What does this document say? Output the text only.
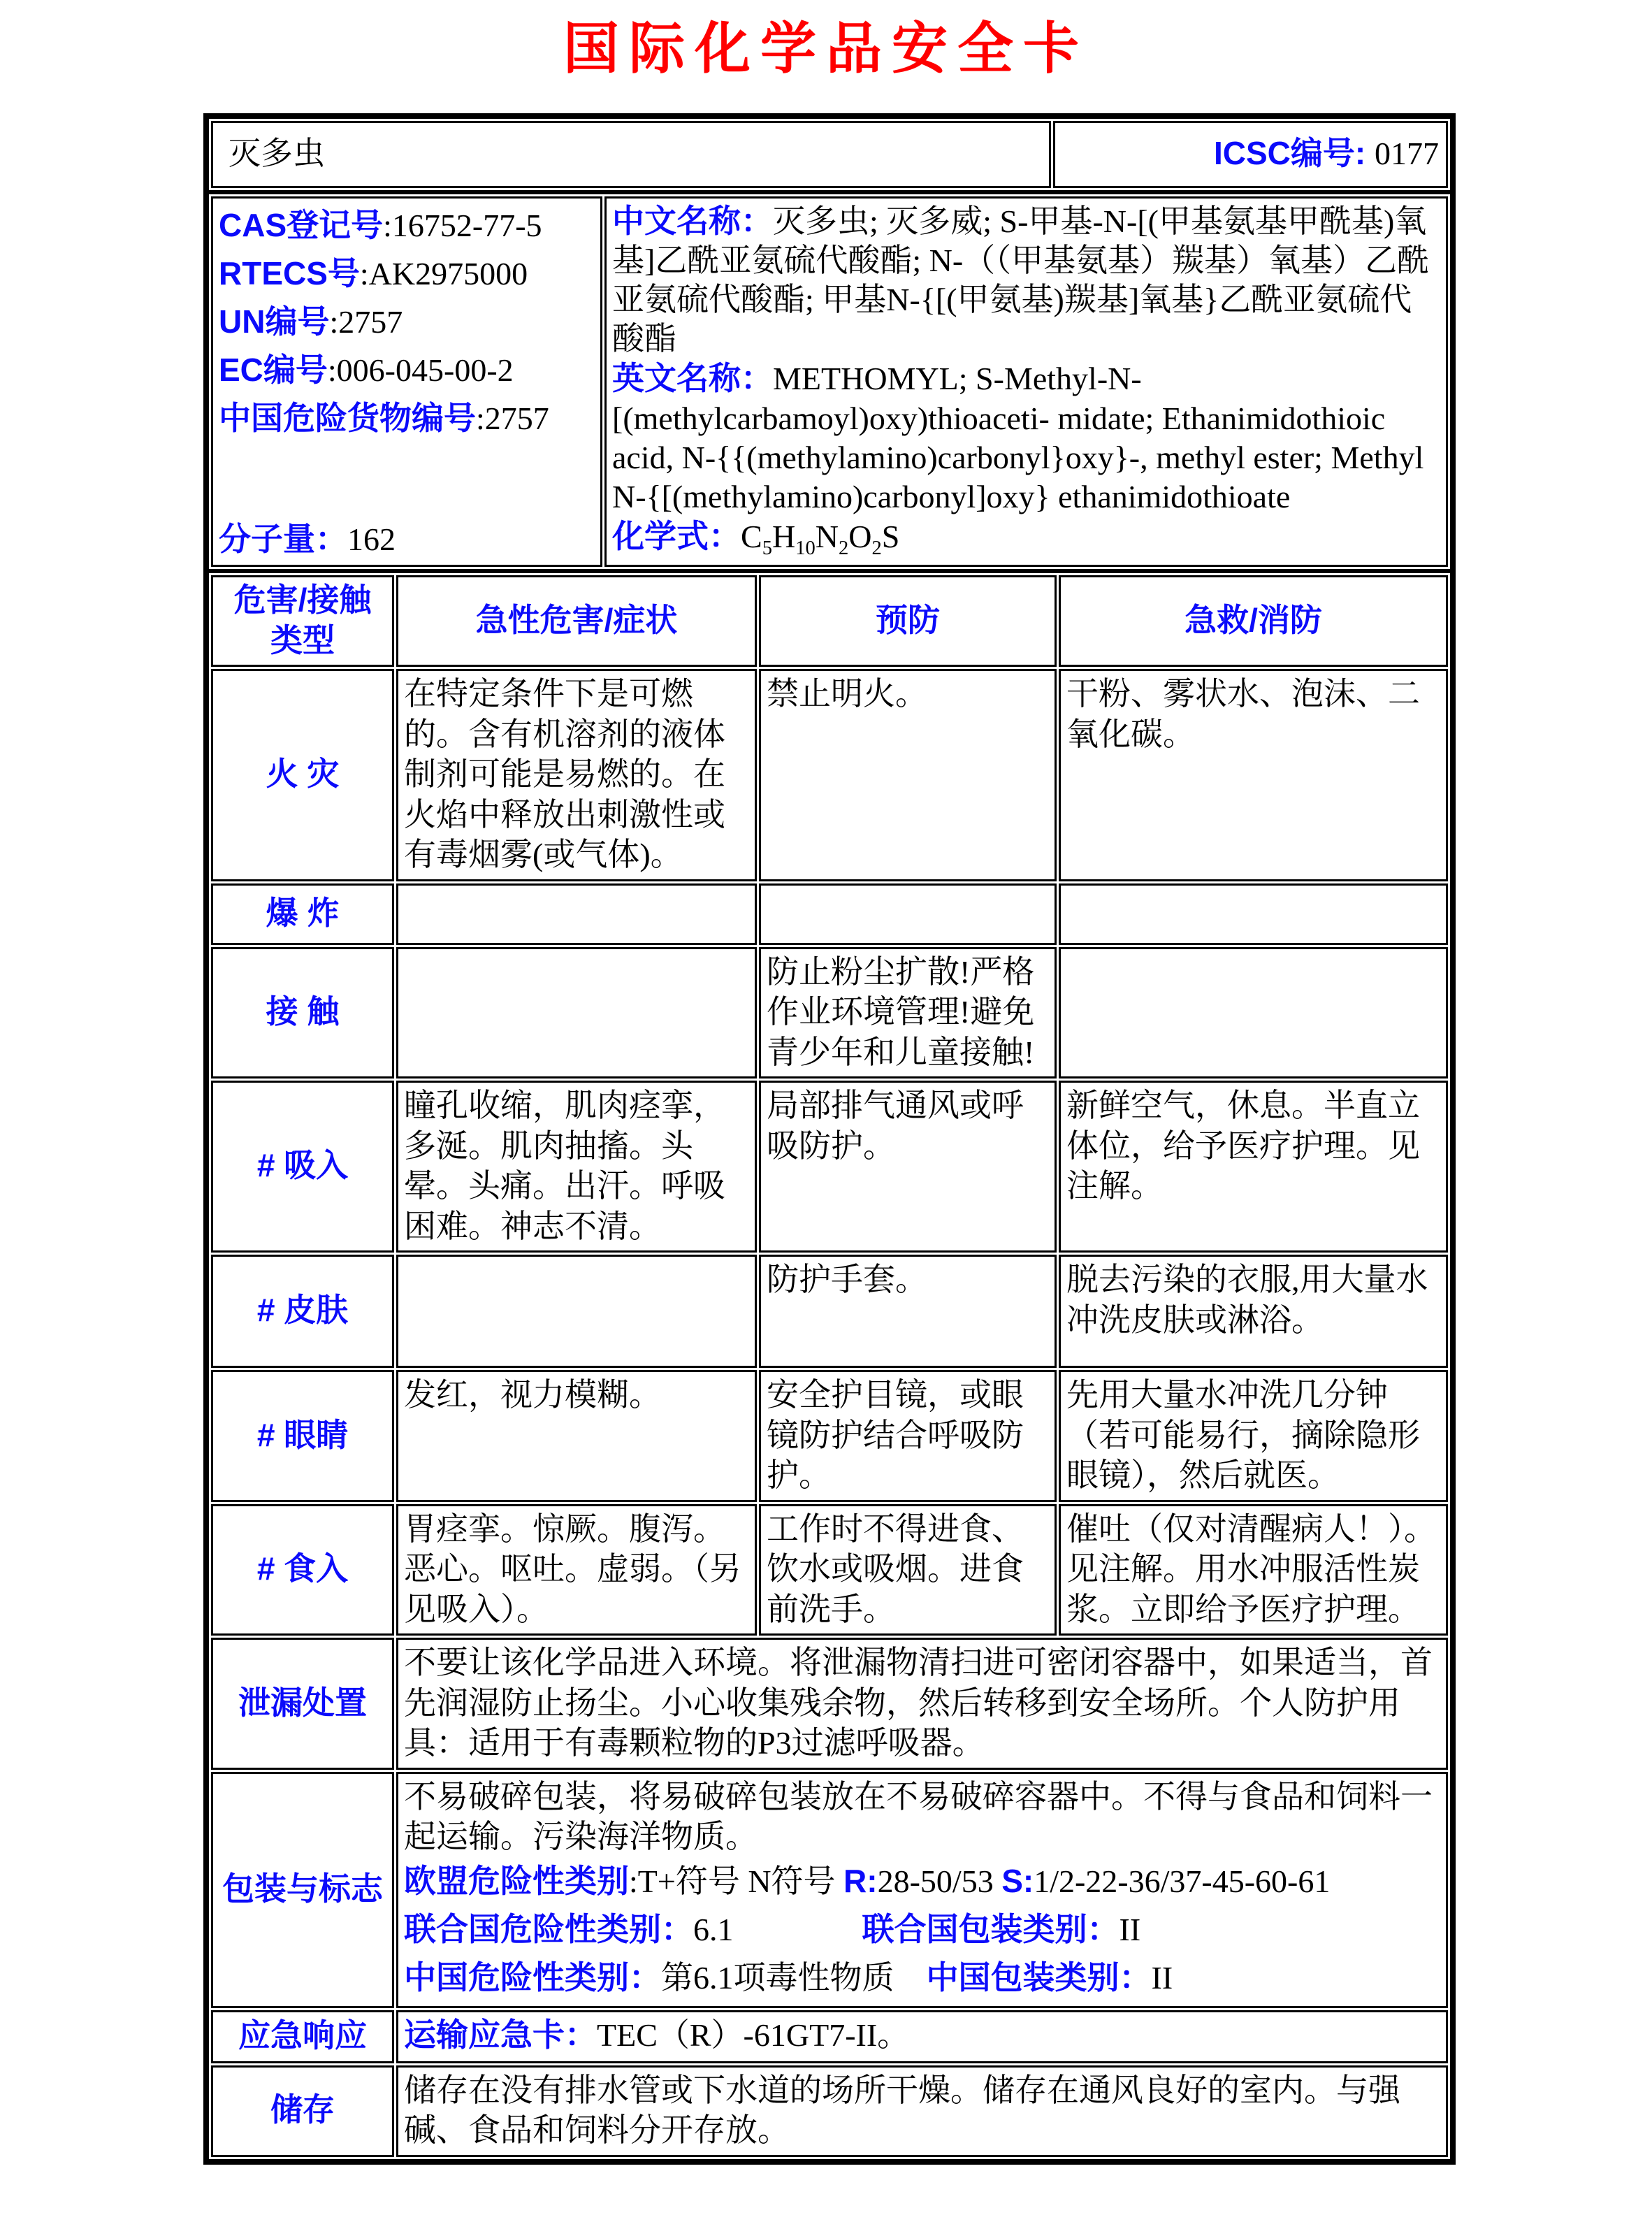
国际化学品安全卡
灭多虫	ICSC编号: 0177
CAS登记号:16752-77-5
RTECS号:AK2975000
UN编号:2757
EC编号:006-045-00-2
中国危险货物编号:2757
分子量：162

中文名称：灭多虫; 灭多威; S-甲基-N-[(甲基氨基甲酰基)氧基]乙酰亚氨硫代酸酯; N-（（甲基氨基）羰基）氧基）乙酰亚氨硫代酸酯; 甲基N-{[(甲氨基)羰基]氧基}乙酰亚氨硫代酸酯

英文名称：METHOMYL; S-Methyl-N-[(methylcarbamoyl)oxy)thioaceti- midate; Ethanimidothioic acid, N-{{(methylamino)carbonyl}oxy}-, methyl ester; Methyl N-{[(methylamino)carbonyl]oxy} ethanimidothioate

化学式：$C_5H_{10}N_2O_2S$

危害/接触类型	急性危害/症状	预防	急救/消防
火 灾	在特定条件下是可燃的。含有机溶剂的液体制剂可能是易燃的。在火焰中释放出刺激性或有毒烟雾(或气体)。	禁止明火。	干粉、雾状水、泡沫、二氧化碳。
爆 炸			
接 触		防止粉尘扩散!严格作业环境管理!避免青少年和儿童接触!	
# 吸入	瞳孔收缩，肌肉痉挛，多涎。肌肉抽搐。头晕。头痛。出汗。呼吸困难。神志不清。	局部排气通风或呼吸防护。	新鲜空气，休息。半直立体位，给予医疗护理。见注解。
# 皮肤		防护手套。	脱去污染的衣服,用大量水冲洗皮肤或淋浴。
# 眼睛	发红，视力模糊。	安全护目镜，或眼镜防护结合呼吸防护。	先用大量水冲洗几分钟（若可能易行，摘除隐形眼镜），然后就医。
# 食入	胃痉挛。惊厥。腹泻。恶心。呕吐。虚弱。（另见吸入）。	工作时不得进食、饮水或吸烟。进食前洗手。	催吐（仅对清醒病人！）。见注解。用水冲服活性炭浆。立即给予医疗护理。
泄漏处置	不要让该化学品进入环境。将泄漏物清扫进可密闭容器中，如果适当，首先润湿防止扬尘。小心收集残余物，然后转移到安全场所。个人防护用具：适用于有毒颗粒物的P3过滤呼吸器。		
包装与标志	不易破碎包装，将易破碎包装放在不易破碎容器中。不得与食品和饲料一起运输。污染海洋物质。
欧盟危险性类别:T+符号 N符号 R:28-50/53 S:1/2-22-36/37-45-60-61
联合国危险性类别：6.1　　　　 联合国包装类别：II
中国危险性类别：第6.1项毒性物质　 中国包装类别：II		

应急响应	运输应急卡：TEC（R）-61GT7-II。		
储存	储存在没有排水管或下水道的场所干燥。储存在通风良好的室内。与强碱、食品和饲料分开存放。		
